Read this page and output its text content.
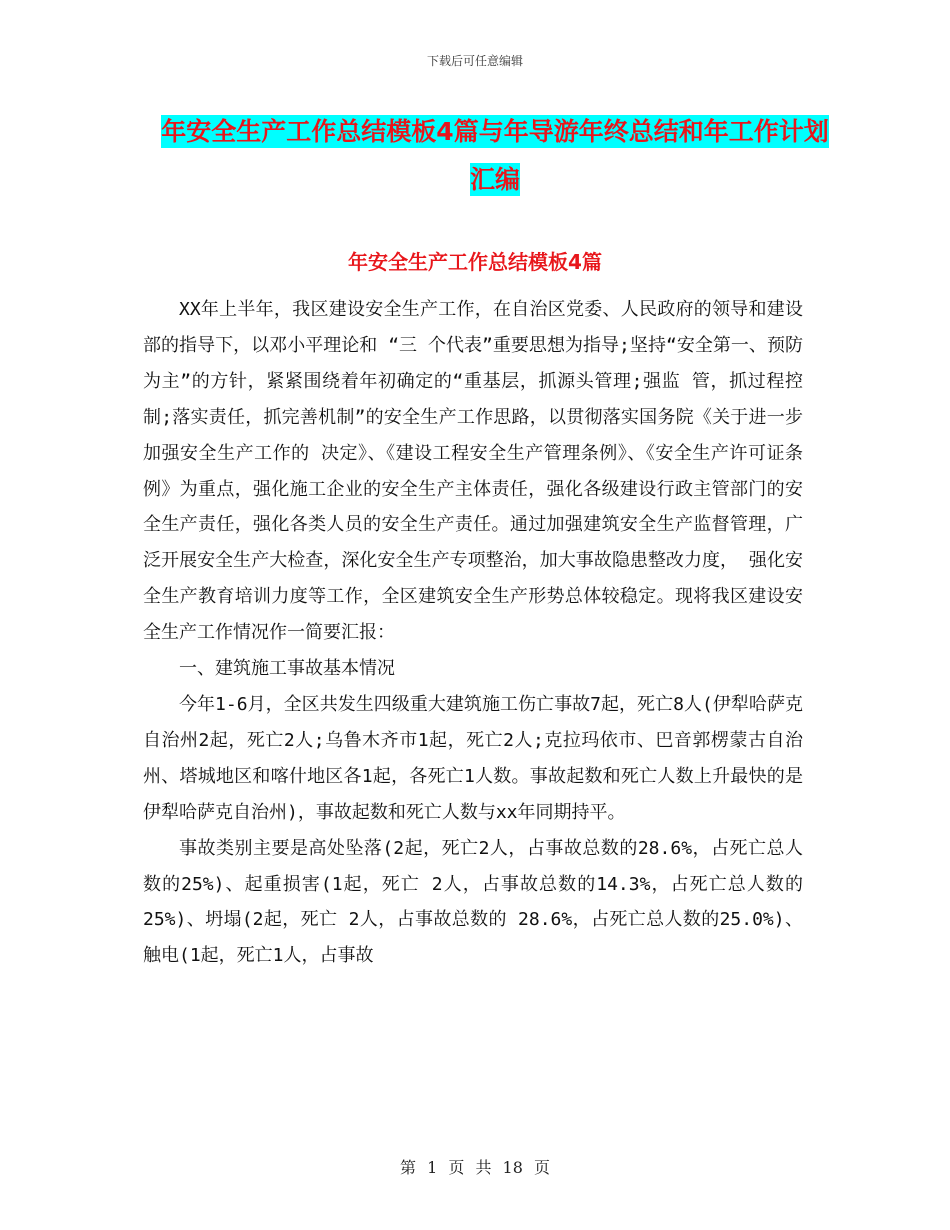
下载后可任意编辑
年安全生产工作总结模板4篇与年导游年终总结和年工作计划汇编
年安全生产工作总结模板4篇

XX年上半年，我区建设安全生产工作，在自治区党委、人民政府的领导和建设部的指导下，以邓小平理论和 “三 个代表”重要思想为指导;坚持“安全第一、预防为主”的方针，紧紧围绕着年初确定的“重基层，抓源头管理;强监 管，抓过程控制;落实责任，抓完善机制”的安全生产工作思路，以贯彻落实国务院《关于进一步加强安全生产工作的 决定》、《建设工程安全生产管理条例》、《安全生产许可证条例》为重点，强化施工企业的安全生产主体责任，强化各级建设行政主管部门的安全生产责任，强化各类人员的安全生产责任。通过加强建筑安全生产监督管理，广泛开展安全生产大检查，深化安全生产专项整治，加大事故隐患整改力度， 强化安全生产教育培训力度等工作，全区建筑安全生产形势总体较稳定。现将我区建设安全生产工作情况作一简要汇报：

一、建筑施工事故基本情况

今年1-6月，全区共发生四级重大建筑施工伤亡事故7起，死亡8人(伊犁哈萨克自治州2起，死亡2人;乌鲁木齐市1起，死亡2人;克拉玛依市、巴音郭楞蒙古自治州、塔城地区和喀什地区各1起，各死亡1人数。事故起数和死亡人数上升最快的是伊犁哈萨克自治州)，事故起数和死亡人数与xx年同期持平。

事故类别主要是高处坠落(2起，死亡2人，占事故总数的28.6%，占死亡总人数的25%)、起重损害(1起，死亡 2人，占事故总数的14.3%，占死亡总人数的25%)、坍塌(2起，死亡 2人，占事故总数的 28.6%，占死亡总人数的25.0%)、触电(1起，死亡1人，占事故

第 1 页 共 18 页
